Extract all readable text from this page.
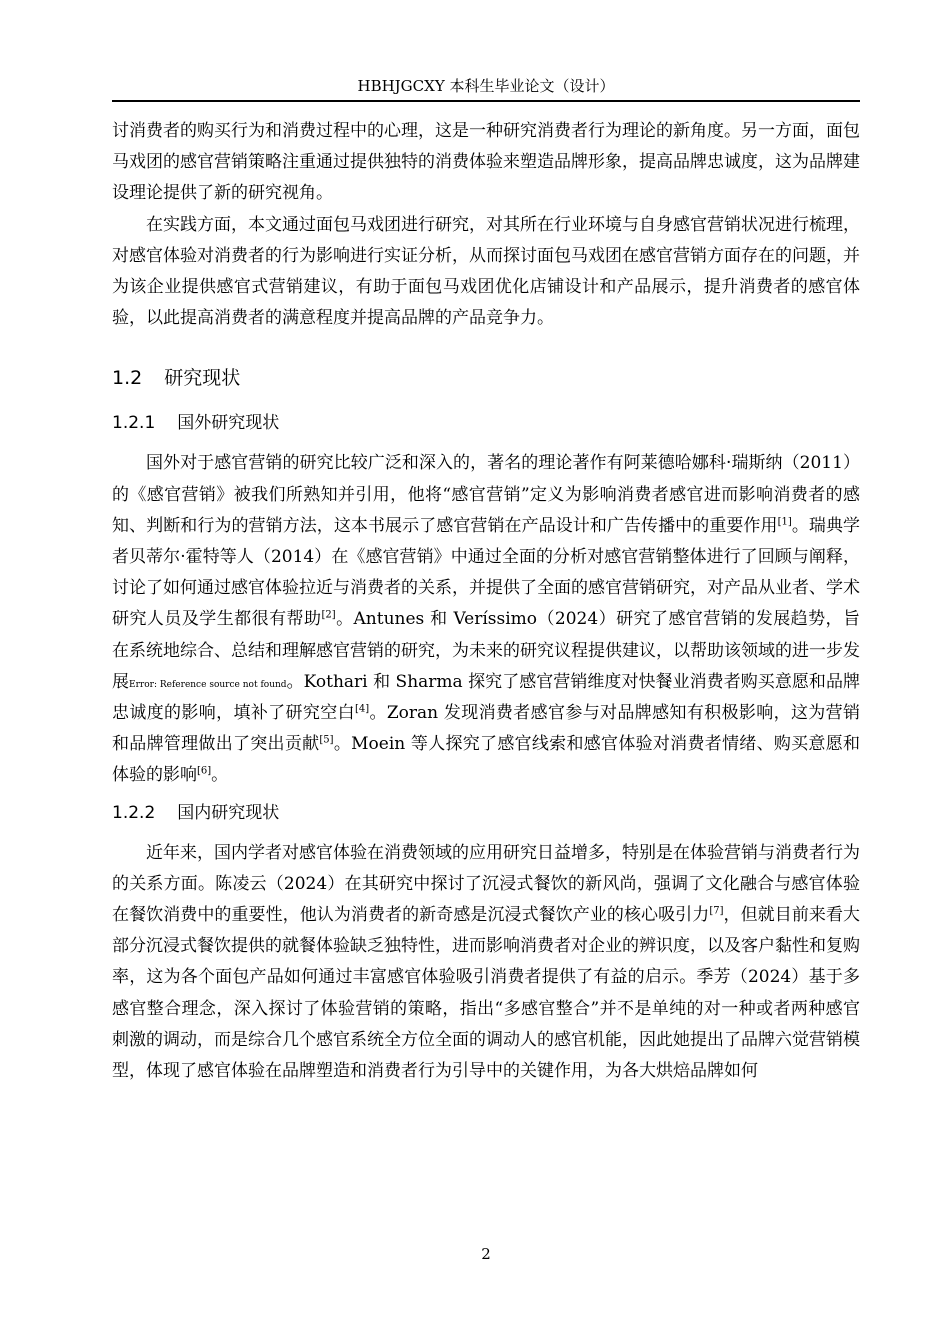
HBHJGCXY 本科生毕业论文（设计）

讨消费者的购买行为和消费过程中的心理，这是一种研究消费者行为理论的新角度。另一方面，面包马戏团的感官营销策略注重通过提供独特的消费体验来塑造品牌形象，提高品牌忠诚度，这为品牌建设理论提供了新的研究视角。

在实践方面，本文通过面包马戏团进行研究，对其所在行业环境与自身感官营销状况进行梳理，对感官体验对消费者的行为影响进行实证分析，从而探讨面包马戏团在感官营销方面存在的问题，并为该企业提供感官式营销建议，有助于面包马戏团优化店铺设计和产品展示，提升消费者的感官体验，以此提高消费者的满意程度并提高品牌的产品竞争力。

1.2 研究现状
1.2.1 国外研究现状

国外对于感官营销的研究比较广泛和深入的，著名的理论著作有阿莱德哈娜科·瑞斯纳（2011）的《感官营销》被我们所熟知并引用，他将“感官营销”定义为影响消费者感官进而影响消费者的感知、判断和行为的营销方法，这本书展示了感官营销在产品设计和广告传播中的重要作用[1]。瑞典学者贝蒂尔·霍特等人（2014）在《感官营销》中通过全面的分析对感官营销整体进行了回顾与阐释，讨论了如何通过感官体验拉近与消费者的关系，并提供了全面的感官营销研究，对产品从业者、学术研究人员及学生都很有帮助[2]。Antunes 和 Veríssimo（2024）研究了感官营销的发展趋势，旨在系统地综合、总结和理解感官营销的研究，为未来的研究议程提供建议，以帮助该领域的进一步发展Error: Reference source not found。Kothari 和 Sharma 探究了感官营销维度对快餐业消费者购买意愿和品牌忠诚度的影响，填补了研究空白[4]。Zoran 发现消费者感官参与对品牌感知有积极影响，这为营销和品牌管理做出了突出贡献[5]。Moein 等人探究了感官线索和感官体验对消费者情绪、购买意愿和体验的影响[6]。

1.2.2 国内研究现状

近年来，国内学者对感官体验在消费领域的应用研究日益增多，特别是在体验营销与消费者行为的关系方面。陈凌云（2024）在其研究中探讨了沉浸式餐饮的新风尚，强调了文化融合与感官体验在餐饮消费中的重要性，他认为消费者的新奇感是沉浸式餐饮产业的核心吸引力[7]，但就目前来看大部分沉浸式餐饮提供的就餐体验缺乏独特性，进而影响消费者对企业的辨识度，以及客户黏性和复购率，这为各个面包产品如何通过丰富感官体验吸引消费者提供了有益的启示。季芳（2024）基于多感官整合理念，深入探讨了体验营销的策略，指出“多感官整合”并不是单纯的对一种或者两种感官刺激的调动，而是综合几个感官系统全方位全面的调动人的感官机能，因此她提出了品牌六觉营销模型，体现了感官体验在品牌塑造和消费者行为引导中的关键作用，为各大烘焙品牌如何

2
